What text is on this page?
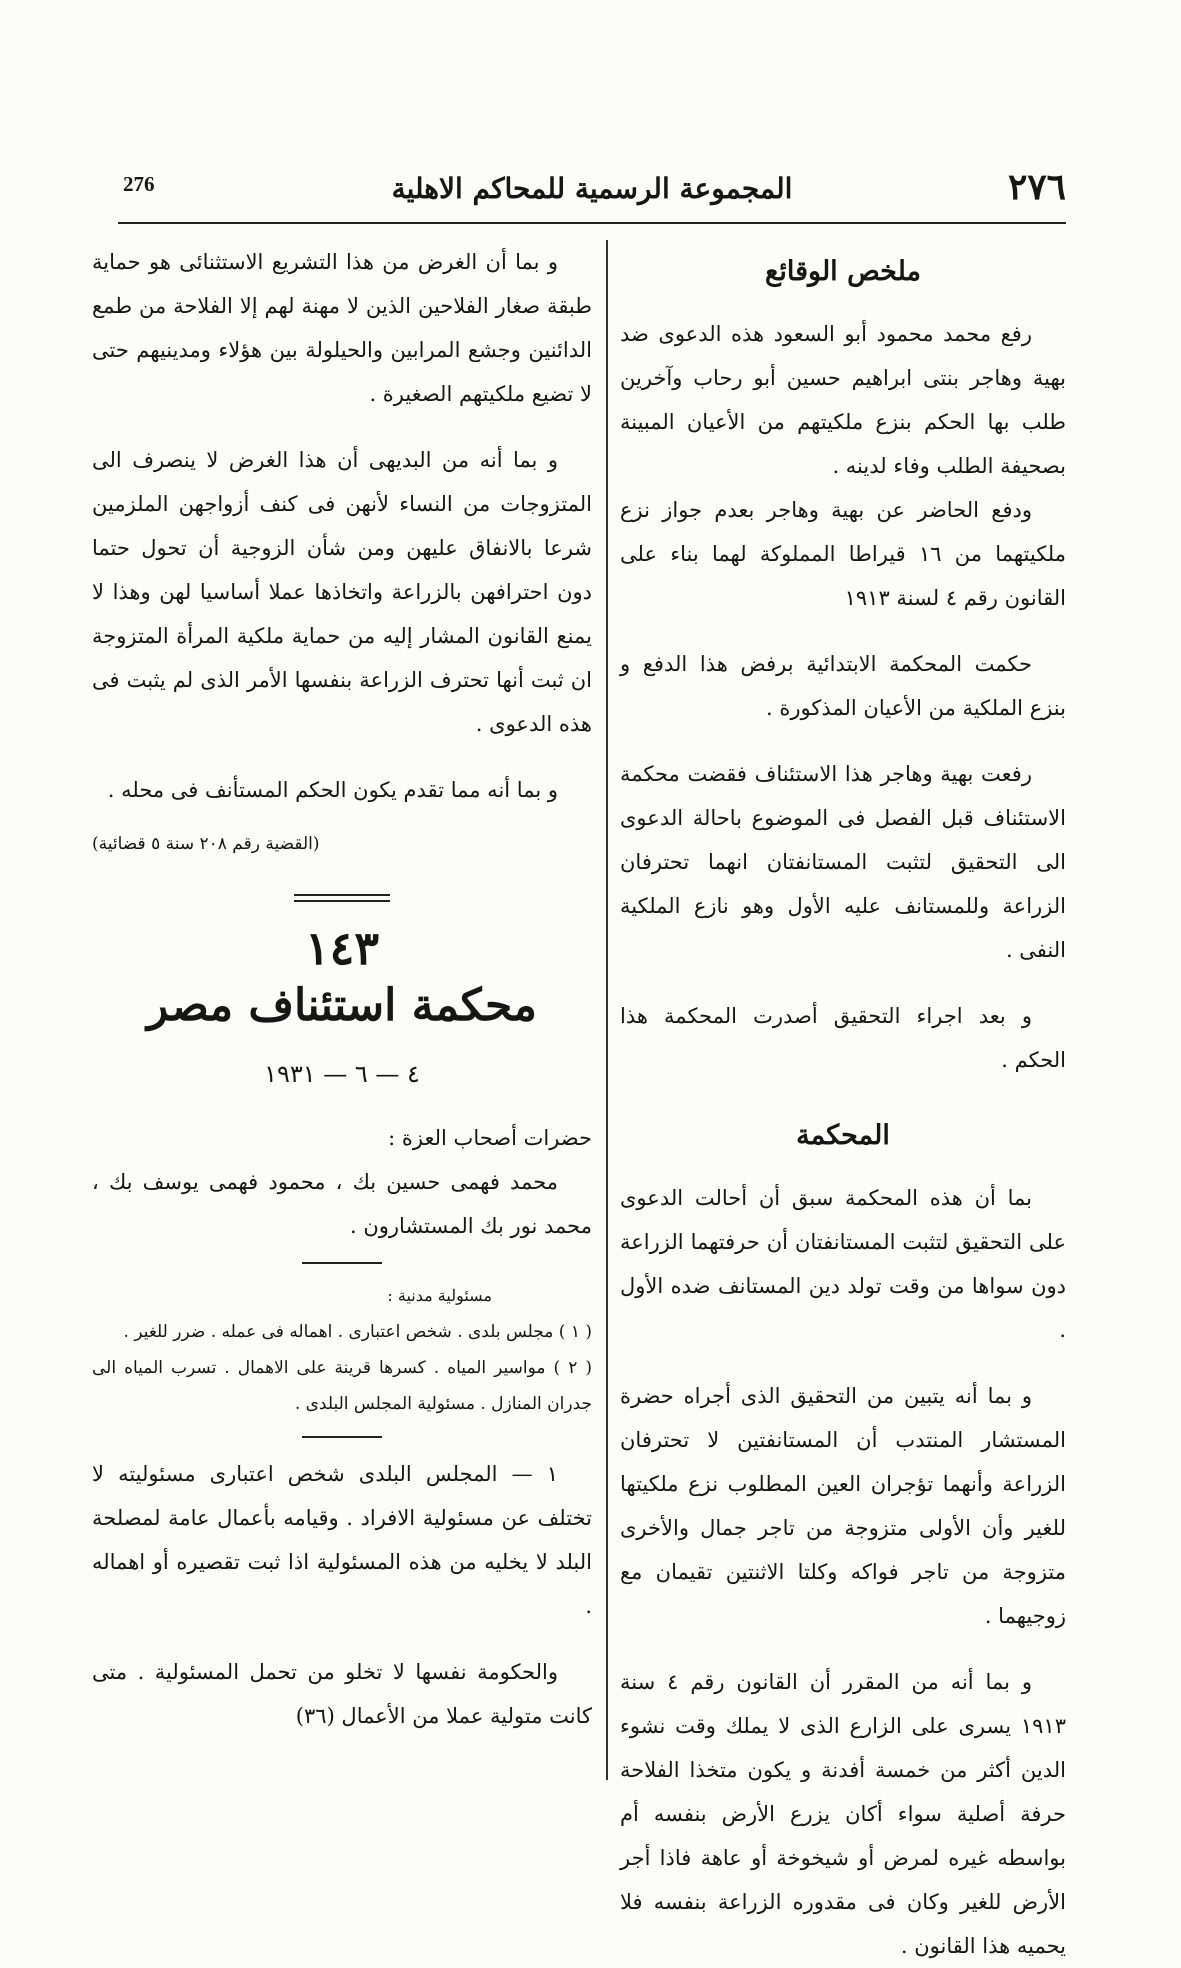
276	المجموعة الرسمية للمحاكم الاهلية	٢٧٦
ملخص الوقائع

رفع محمد محمود أبو السعود هذه الدعوى ضد بهية وهاجر بنتى ابراهيم حسين أبو رحاب وآخرين طلب بها الحكم بنزع ملكيتهم من الأعيان المبينة بصحيفة الطلب وفاء لدينه .

ودفع الحاضر عن بهية وهاجر بعدم جواز نزع ملكيتهما من ١٦ قيراطا المملوكة لهما بناء على القانون رقم ٤ لسنة ١٩١٣

حكمت المحكمة الابتدائية برفض هذا الدفع و بنزع الملكية من الأعيان المذكورة .

رفعت بهية وهاجر هذا الاستئناف فقضت محكمة الاستئناف قبل الفصل فى الموضوع باحالة الدعوى الى التحقيق لتثبت المستانفتان انهما تحترفان الزراعة وللمستانف عليه الأول وهو نازع الملكية النفى .

و بعد اجراء التحقيق أصدرت المحكمة هذا الحكم .

المحكمة

بما أن هذه المحكمة سبق أن أحالت الدعوى على التحقيق لتثبت المستانفتان أن حرفتهما الزراعة دون سواها من وقت تولد دين المستانف ضده الأول .

و بما أنه يتبين من التحقيق الذى أجراه حضرة المستشار المنتدب أن المستانفتين لا تحترفان الزراعة وأنهما تؤجران العين المطلوب نزع ملكيتها للغير وأن الأولى متزوجة من تاجر جمال والأخرى متزوجة من تاجر فواكه وكلتا الاثنتين تقيمان مع زوجيهما .

و بما أنه من المقرر أن القانون رقم ٤ سنة ١٩١٣ يسرى على الزارع الذى لا يملك وقت نشوء الدين أكثر من خمسة أفدنة و يكون متخذا الفلاحة حرفة أصلية سواء أكان يزرع الأرض بنفسه أم بواسطه غيره لمرض أو شيخوخة أو عاهة فاذا أجر الأرض للغير وكان فى مقدوره الزراعة بنفسه فلا يحميه هذا القانون .

و بما أن الغرض من هذا التشريع الاستثنائى هو حماية طبقة صغار الفلاحين الذين لا مهنة لهم إلا الفلاحة من طمع الدائنين وجشع المرابين والحيلولة بين هؤلاء ومدينيهم حتى لا تضيع ملكيتهم الصغيرة .

و بما أنه من البديهى أن هذا الغرض لا ينصرف الى المتزوجات من النساء لأنهن فى كنف أزواجهن الملزمين شرعا بالانفاق عليهن ومن شأن الزوجية أن تحول حتما دون احترافهن بالزراعة واتخاذها عملا أساسيا لهن وهذا لا يمنع القانون المشار إليه من حماية ملكية المرأة المتزوجة ان ثبت أنها تحترف الزراعة بنفسها الأمر الذى لم يثبت فى هذه الدعوى .

و بما أنه مما تقدم يكون الحكم المستأنف فى محله .

(القضية رقم ٢٠٨ سنة ٥ قضائية)
١٤٣
محكمة استئناف مصر
٤ — ٦ — ١٩٣١

حضرات أصحاب العزة :

محمد فهمى حسين بك ، محمود فهمى يوسف بك ، محمد نور بك المستشارون .

مسئولية مدنية :

( ١ ) مجلس بلدى . شخص اعتبارى . اهماله فى عمله . ضرر للغير .

( ٢ ) مواسير المياه . كسرها قرينة على الاهمال . تسرب المياه الى جدران المنازل . مسئولية المجلس البلدى .

١ — المجلس البلدى شخص اعتبارى مسئوليته لا تختلف عن مسئولية الافراد . وقيامه بأعمال عامة لمصلحة البلد لا يخليه من هذه المسئولية اذا ثبت تقصيره أو اهماله .

والحكومة نفسها لا تخلو من تحمل المسئولية . متى كانت متولية عملا من الأعمال (٣٦)
